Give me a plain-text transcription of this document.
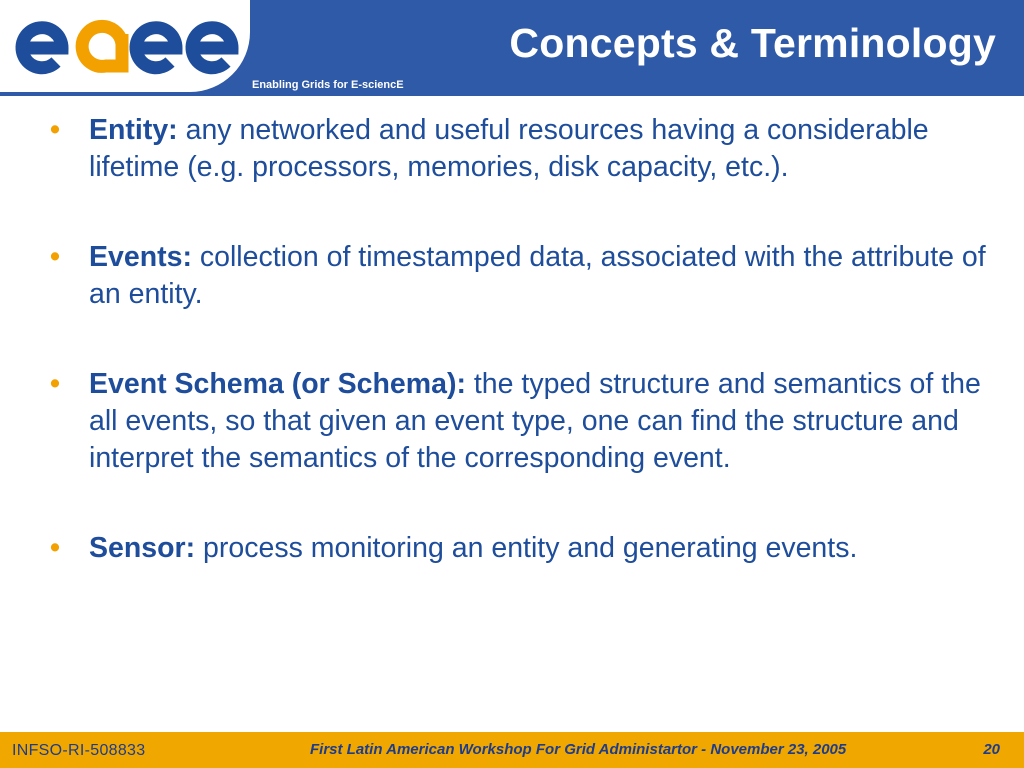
Concepts & Terminology
Enabling Grids for E-sciencE
• Entity: any networked and useful resources having a considerable lifetime (e.g. processors, memories, disk capacity, etc.).
• Events: collection of timestamped data, associated with the attribute of an entity.
• Event Schema (or Schema): the typed structure and semantics of the all events, so that given an event type, one can find the structure and interpret the semantics of the corresponding event.
• Sensor: process monitoring an entity and generating events.
INFSO-RI-508833	First Latin American Workshop For Grid Administartor - November 23, 2005	20
